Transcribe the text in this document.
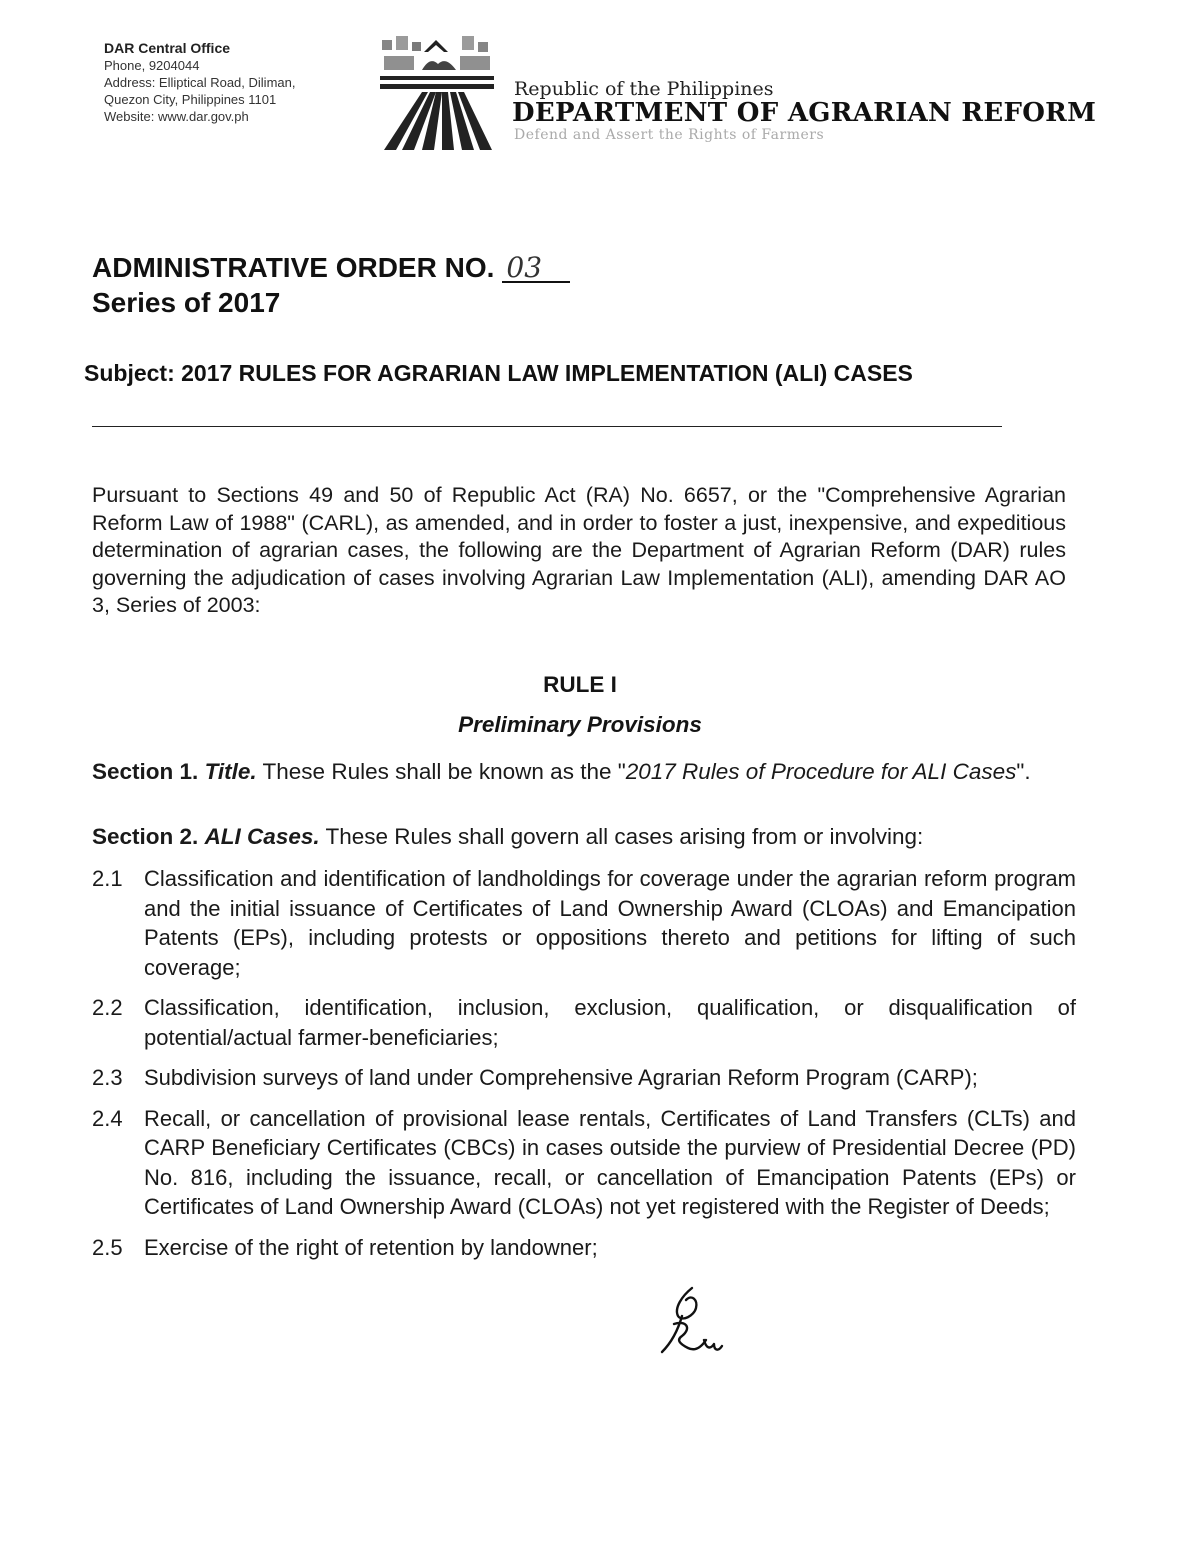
DAR Central Office
Phone, 9204044
Address: Elliptical Road, Diliman,
Quezon City, Philippines 1101
Website: www.dar.gov.ph
Republic of the Philippines
DEPARTMENT OF AGRARIAN REFORM
Defend and Assert the Rights of Farmers
ADMINISTRATIVE ORDER NO. 03
Series of 2017
Subject: 2017 RULES FOR AGRARIAN LAW IMPLEMENTATION (ALI) CASES
Pursuant to Sections 49 and 50 of Republic Act (RA) No. 6657, or the "Comprehensive Agrarian Reform Law of 1988" (CARL), as amended, and in order to foster a just, inexpensive, and expeditious determination of agrarian cases, the following are the Department of Agrarian Reform (DAR) rules governing the adjudication of cases involving Agrarian Law Implementation (ALI), amending DAR AO 3, Series of 2003:
RULE I
Preliminary Provisions
Section 1. Title. These Rules shall be known as the "2017 Rules of Procedure for ALI Cases".
Section 2. ALI Cases. These Rules shall govern all cases arising from or involving:
2.1 Classification and identification of landholdings for coverage under the agrarian reform program and the initial issuance of Certificates of Land Ownership Award (CLOAs) and Emancipation Patents (EPs), including protests or oppositions thereto and petitions for lifting of such coverage;
2.2 Classification, identification, inclusion, exclusion, qualification, or disqualification of potential/actual farmer-beneficiaries;
2.3 Subdivision surveys of land under Comprehensive Agrarian Reform Program (CARP);
2.4 Recall, or cancellation of provisional lease rentals, Certificates of Land Transfers (CLTs) and CARP Beneficiary Certificates (CBCs) in cases outside the purview of Presidential Decree (PD) No. 816, including the issuance, recall, or cancellation of Emancipation Patents (EPs) or Certificates of Land Ownership Award (CLOAs) not yet registered with the Register of Deeds;
2.5 Exercise of the right of retention by landowner;
